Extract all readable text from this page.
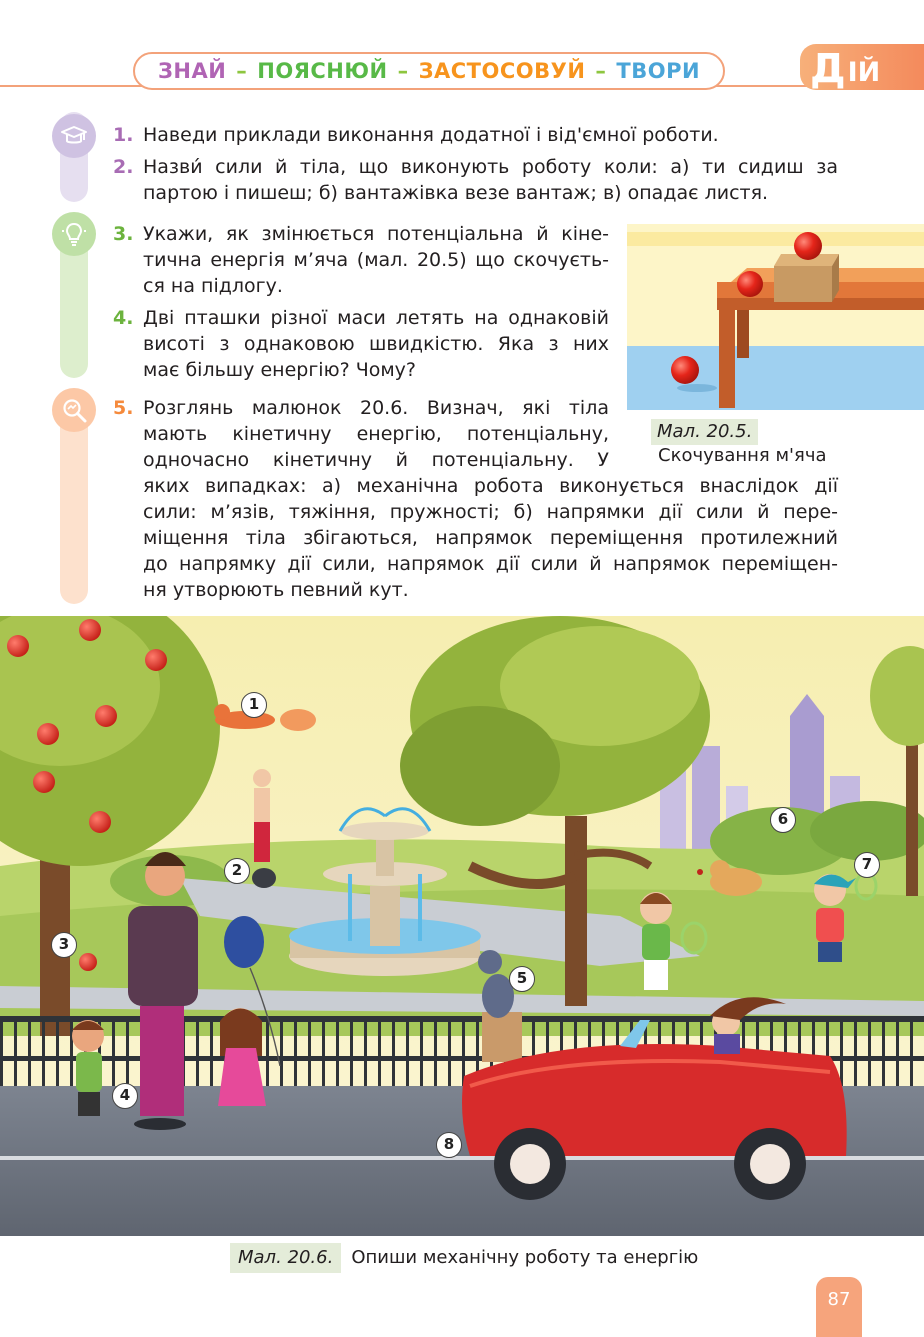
ЗНАЙ – ПОЯСНЮЙ – ЗАСТОСОВУЙ – ТВОРИ	Д ІЙ
1. Наведи приклади виконання додатної і від'ємної роботи.
2. Назви́ сили й тіла, що виконують роботу коли: а) ти сидиш за
партою і пишеш; б) вантажівка везе вантаж; в) опадає листя.
3. Укажи, як змінюється потенціальна й кіне-
тична енергія м’яча (мал. 20.5) що скочуєть-
ся на підлогу.
4. Дві пташки різної маси летять на однаковій
висоті з однаковою швидкістю. Яка з них
має більшу енергію? Чому?
5. Розглянь малюнок 20.6. Визнач, які тіла
мають кінетичну енергію, потенціальну,
одночасно кінетичну й потенціальну. У
яких випадках: а) механічна робота виконується внаслідок дії
сили: м’язів, тяжіння, пружності; б) напрямки дії сили й пере-
міщення тіла збігаються, напрямок переміщення протилежний
до напрямку дії сили, напрямок дії сили й напрямок переміщен-
ня утворюють певний кут.
Мал. 20.5.
Скочування м'яча
1
2
3
4
5
6
7
8
Мал. 20.6.	Опиши механічну роботу та енергію
87
